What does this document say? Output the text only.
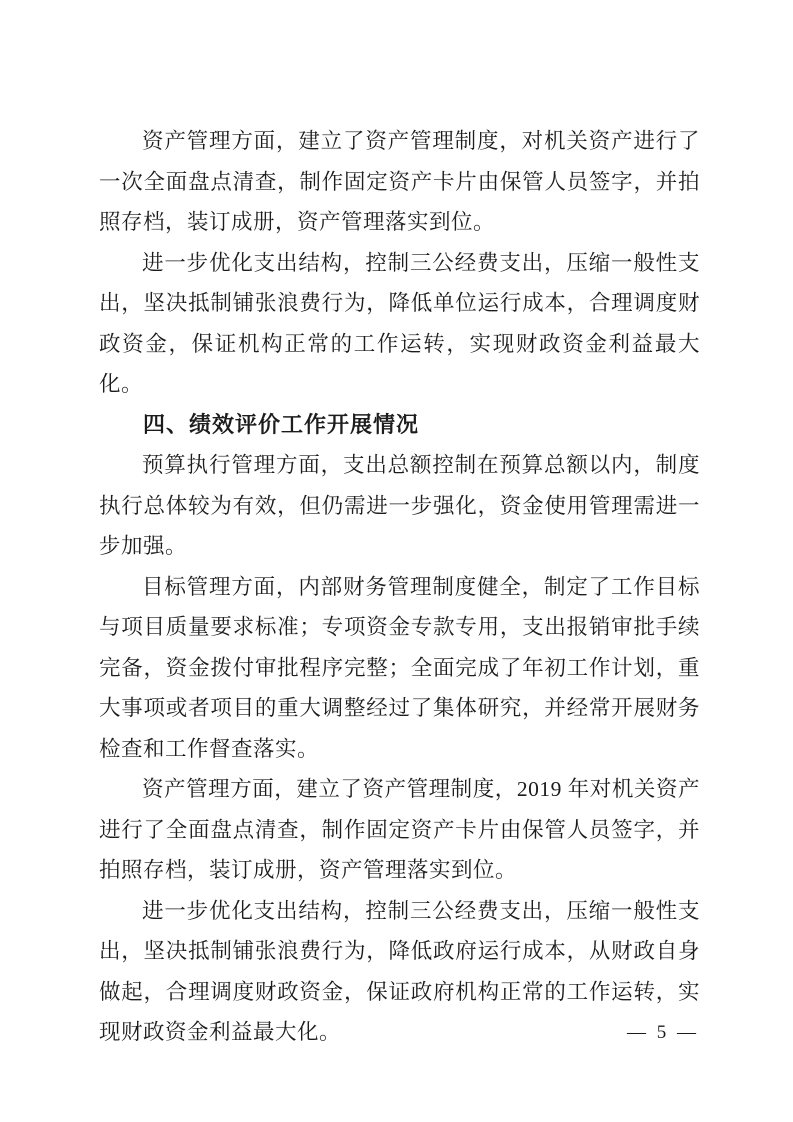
资产管理方面，建立了资产管理制度，对机关资产进行了一次全面盘点清查，制作固定资产卡片由保管人员签字，并拍照存档，装订成册，资产管理落实到位。

进一步优化支出结构，控制三公经费支出，压缩一般性支出，坚决抵制铺张浪费行为，降低单位运行成本，合理调度财政资金，保证机构正常的工作运转，实现财政资金利益最大化。

四、绩效评价工作开展情况

预算执行管理方面，支出总额控制在预算总额以内，制度执行总体较为有效，但仍需进一步强化，资金使用管理需进一步加强。

目标管理方面，内部财务管理制度健全，制定了工作目标与项目质量要求标准；专项资金专款专用，支出报销审批手续完备，资金拨付审批程序完整；全面完成了年初工作计划，重大事项或者项目的重大调整经过了集体研究，并经常开展财务检查和工作督查落实。

资产管理方面，建立了资产管理制度，2019 年对机关资产进行了全面盘点清查，制作固定资产卡片由保管人员签字，并拍照存档，装订成册，资产管理落实到位。

进一步优化支出结构，控制三公经费支出，压缩一般性支出，坚决抵制铺张浪费行为，降低政府运行成本，从财政自身做起，合理调度财政资金，保证政府机构正常的工作运转，实现财政资金利益最大化。	— 5 —
